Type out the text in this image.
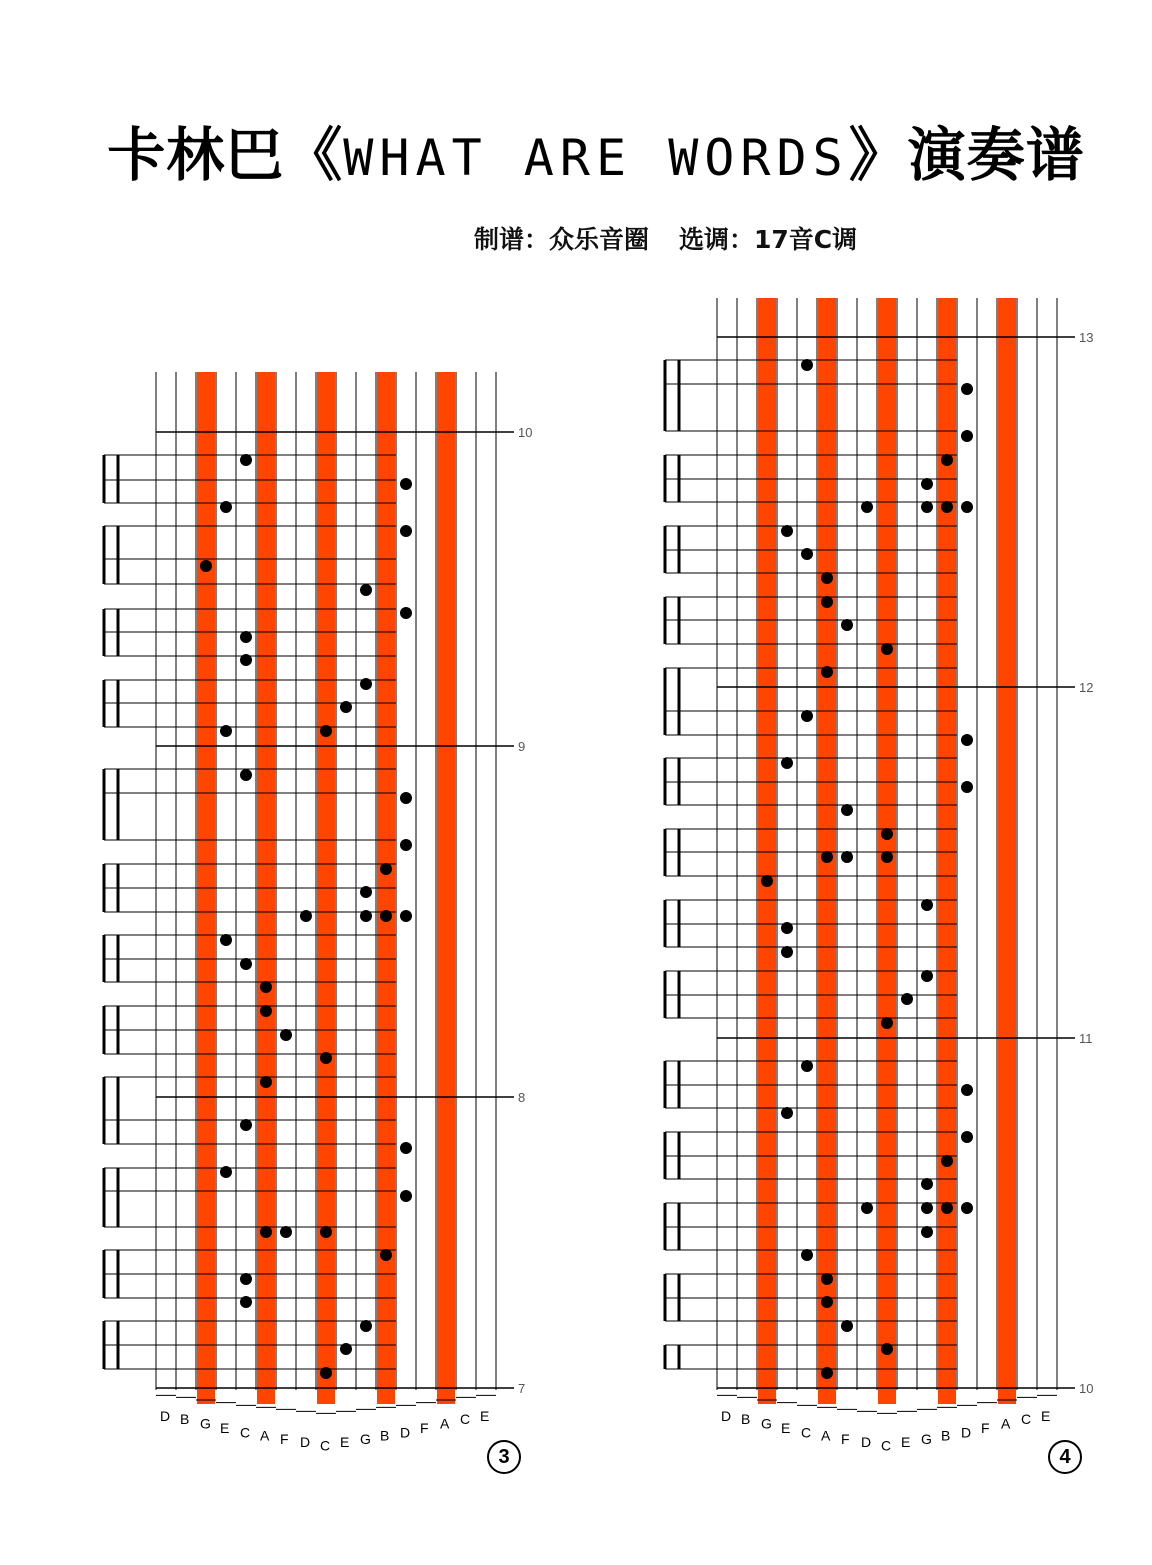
卡林巴《WHAT ARE WORDS》演奏谱
制谱：众乐音圈 选调：17音C调
10
9
8
7
D B G E C A F D C E G B D F A C E
13
12
11
10
D B G E C A F D C E G B D F A C E
3	4
